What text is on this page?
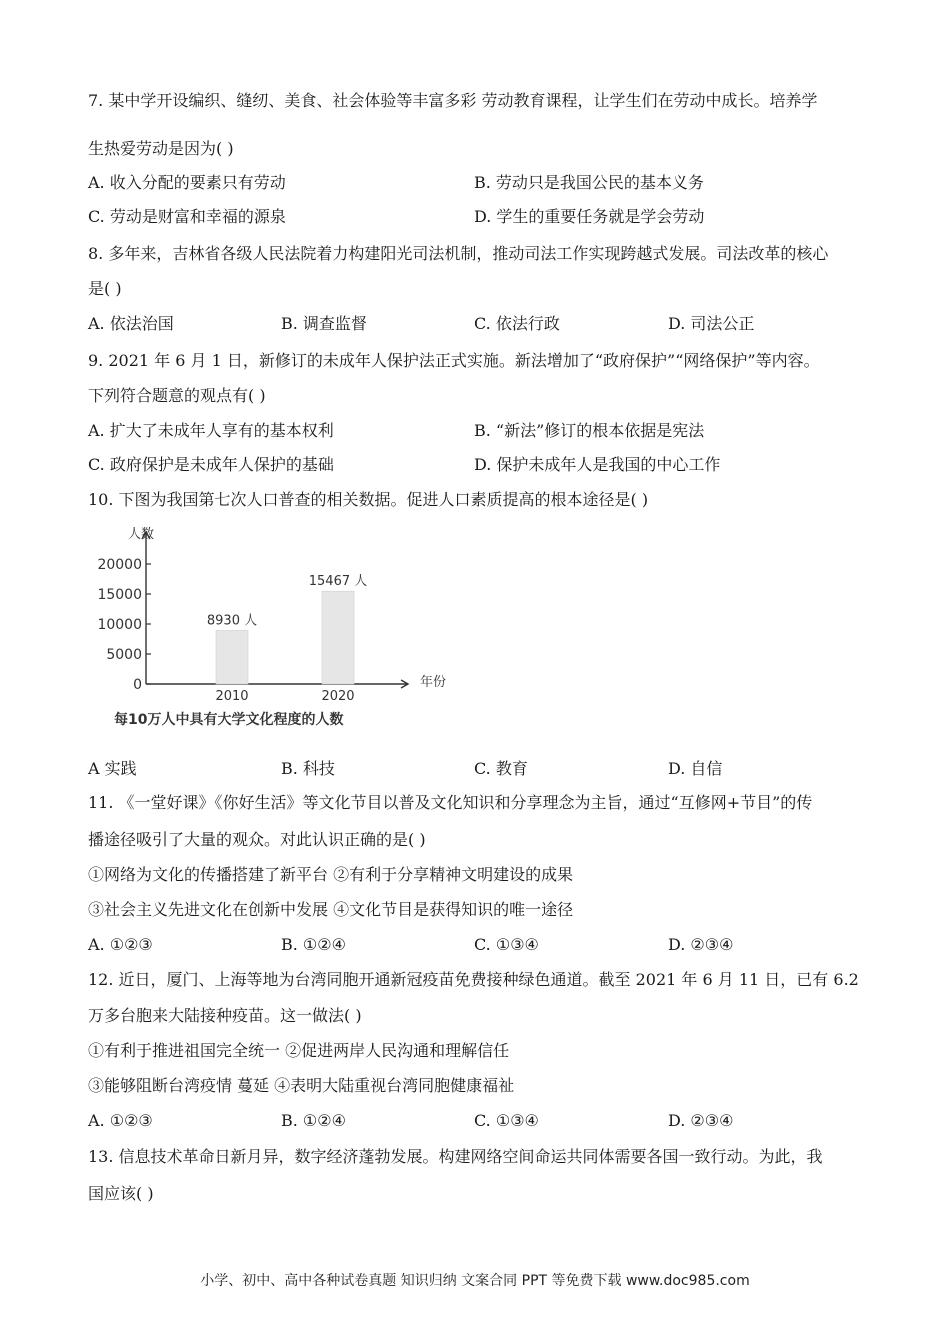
7. 某中学开设编织、缝纫、美食、社会体验等丰富多彩 劳动教育课程，让学生们在劳动中成长。培养学
生热爱劳动是因为( )
A. 收入分配的要素只有劳动	B. 劳动只是我国公民的基本义务
C. 劳动是财富和幸福的源泉	D. 学生的重要任务就是学会劳动
8. 多年来，吉林省各级人民法院着力构建阳光司法机制，推动司法工作实现跨越式发展。司法改革的核心
是( )
A. 依法治国	B. 调查监督	C. 依法行政	D. 司法公正
9. 2021 年 6 月 1 日，新修订的未成年人保护法正式实施。新法增加了“政府保护”“网络保护”等内容。
下列符合题意的观点有( )
A. 扩大了未成年人享有的基本权利	B. “新法”修订的根本依据是宪法
C. 政府保护是未成年人保护的基础	D. 保护未成年人是我国的中心工作
10. 下图为我国第七次人口普查的相关数据。促进人口素质提高的根本途径是( )
人数
年份
每10万人中具有大学文化程度的人数
0
5000
10000
15000
20000
8930 人
2010
15467 人
2020
A 实践	B. 科技	C. 教育	D. 自信
11. 《一堂好课》《你好生活》等文化节目以普及文化知识和分享理念为主旨，通过“互修网+节目”的传
播途径吸引了大量的观众。对此认识正确的是( )
①网络为文化的传播搭建了新平台 ②有利于分享精神文明建设的成果
③社会主义先进文化在创新中发展 ④文化节目是获得知识的唯一途径
A. ①②③	B. ①②④	C. ①③④	D. ②③④
12. 近日，厦门、上海等地为台湾同胞开通新冠疫苗免费接种绿色通道。截至 2021 年 6 月 11 日，已有 6.2
万多台胞来大陆接种疫苗。这一做法( )
①有利于推进祖国完全统一 ②促进两岸人民沟通和理解信任
③能够阻断台湾疫情 蔓延 ④表明大陆重视台湾同胞健康福祉
A. ①②③	B. ①②④	C. ①③④	D. ②③④
13. 信息技术革命日新月异，数字经济蓬勃发展。构建网络空间命运共同体需要各国一致行动。为此，我
国应该( )
小学、初中、高中各种试卷真题 知识归纳 文案合同 PPT 等免费下载 www.doc985.com
